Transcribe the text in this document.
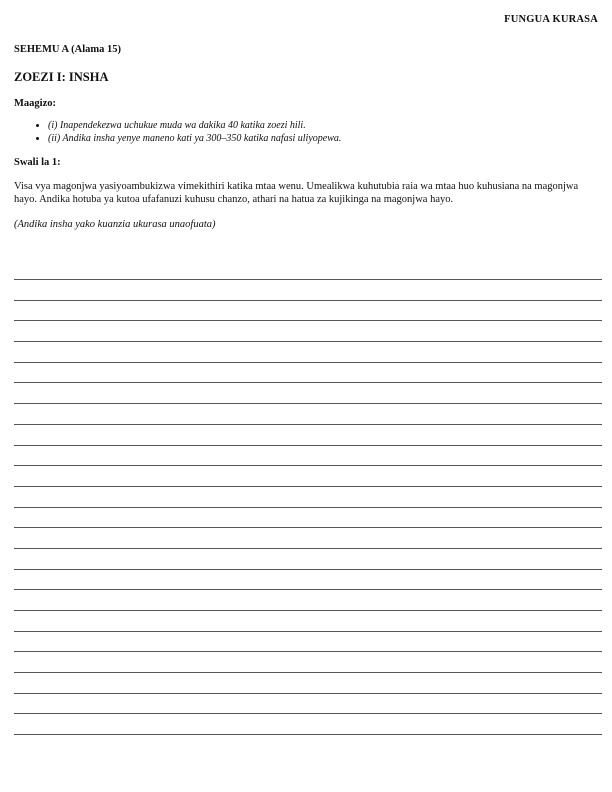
FUNGUA KURASA

SEHEMU A (Alama 15)

ZOEZI I: INSHA

Maagizo:

• (i) Inapendekezwa uchukue muda wa dakika 40 katika zoezi hili.
• (ii) Andika insha yenye maneno kati ya 300–350 katika nafasi uliyopewa.

Swali la 1:

Visa vya magonjwa yasiyoambukizwa vimekithiri katika mtaa wenu. Umealikwa kuhutubia raia wa mtaa huo kuhusiana na magonjwa hayo. Andika hotuba ya kutoa ufafanuzi kuhusu chanzo, athari na hatua za kujikinga na magonjwa hayo.

(Andika insha yako kuanzia ukurasa unaofuata)
